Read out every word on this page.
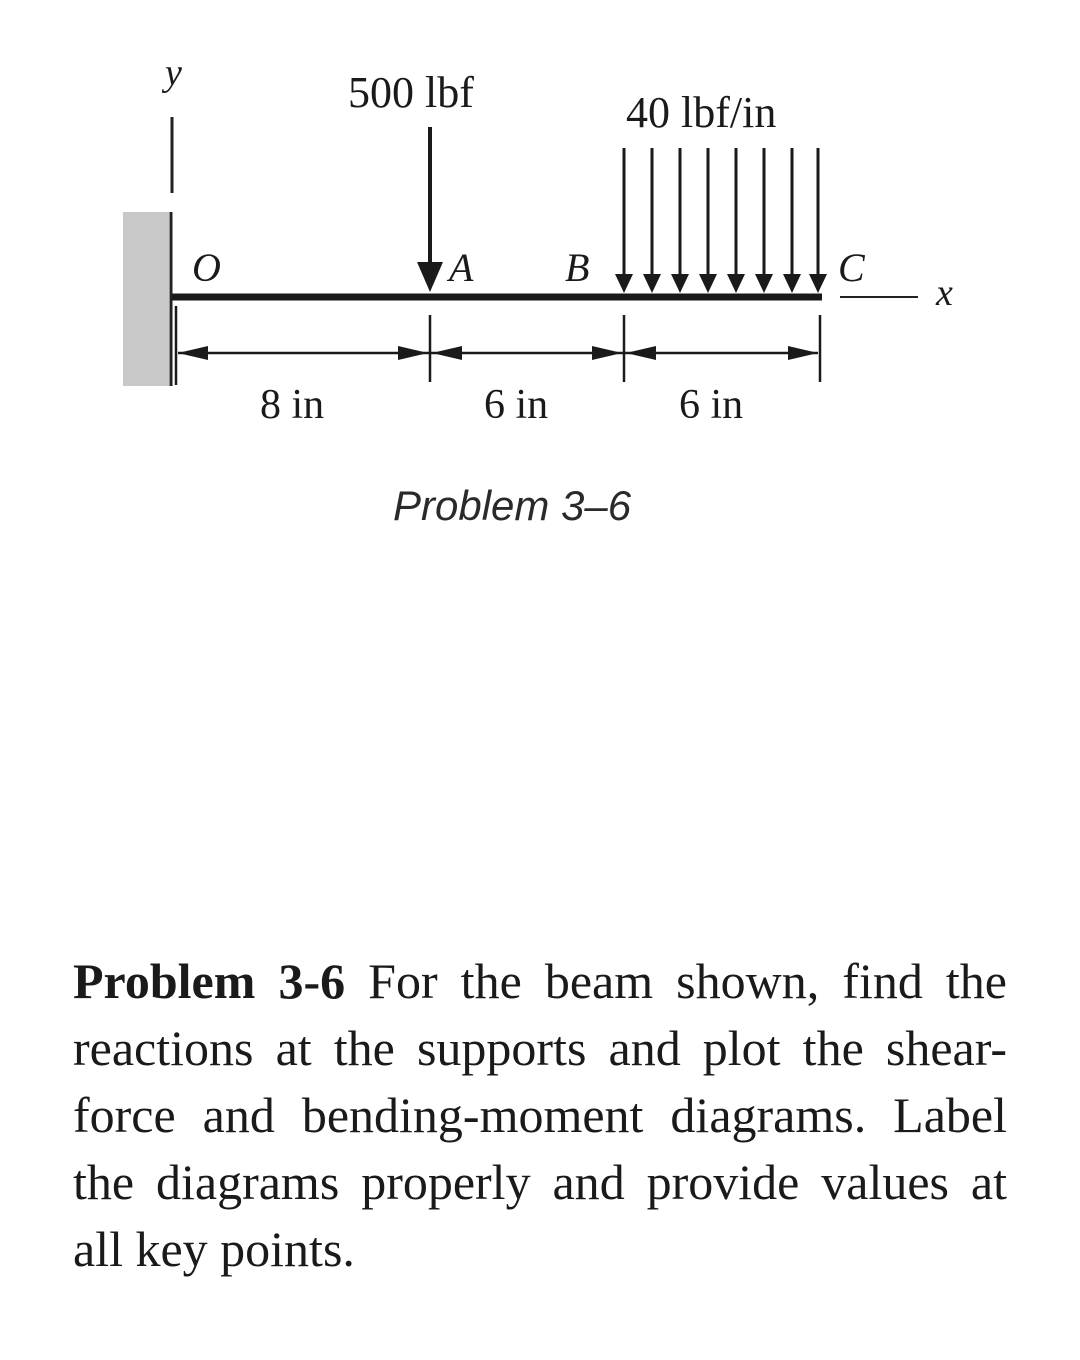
y
x
O	A B	C
500 lbf	40 lbf/in
8 in	6 in	6 in
Problem 3–6

Problem 3-6 For the beam shown, find the reactions at the supports and plot the shear-force and bending-moment diagrams. Label the diagrams properly and provide values at all key points.
